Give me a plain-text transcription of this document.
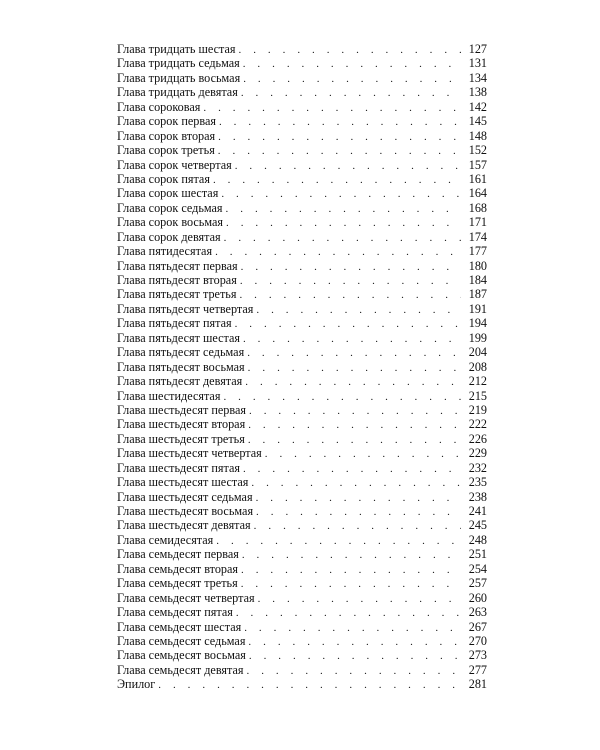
Глава тридцать шестая . . .	127
Глава тридцать седьмая . . .	131
Глава тридцать восьмая . . .	134
Глава тридцать девятая . . .	138
Глава сороковая . . .	142
Глава сорок первая . . .	145
Глава сорок вторая . . .	148
Глава сорок третья . . .	152
Глава сорок четвертая . . .	157
Глава сорок пятая . . .	161
Глава сорок шестая . . .	164
Глава сорок седьмая . . .	168
Глава сорок восьмая . . .	171
Глава сорок девятая . . .	174
Глава пятидесятая . . .	177
Глава пятьдесят первая . . .	180
Глава пятьдесят вторая . . .	184
Глава пятьдесят третья . . .	187
Глава пятьдесят четвертая . . .	191
Глава пятьдесят пятая . . .	194
Глава пятьдесят шестая . . .	199
Глава пятьдесят седьмая . . .	204
Глава пятьдесят восьмая . . .	208
Глава пятьдесят девятая . . .	212
Глава шестидесятая . . .	215
Глава шестьдесят первая . . .	219
Глава шестьдесят вторая . . .	222
Глава шестьдесят третья . . .	226
Глава шестьдесят четвертая . . .	229
Глава шестьдесят пятая . . .	232
Глава шестьдесят шестая . . .	235
Глава шестьдесят седьмая . . .	238
Глава шестьдесят восьмая . . .	241
Глава шестьдесят девятая . . .	245
Глава семидесятая . . .	248
Глава семьдесят первая . . .	251
Глава семьдесят вторая . . .	254
Глава семьдесят третья . . .	257
Глава семьдесят четвертая . . .	260
Глава семьдесят пятая . . .	263
Глава семьдесят шестая . . .	267
Глава семьдесят седьмая . . .	270
Глава семьдесят восьмая . . .	273
Глава семьдесят девятая . . .	277
Эпилог . . .	281
